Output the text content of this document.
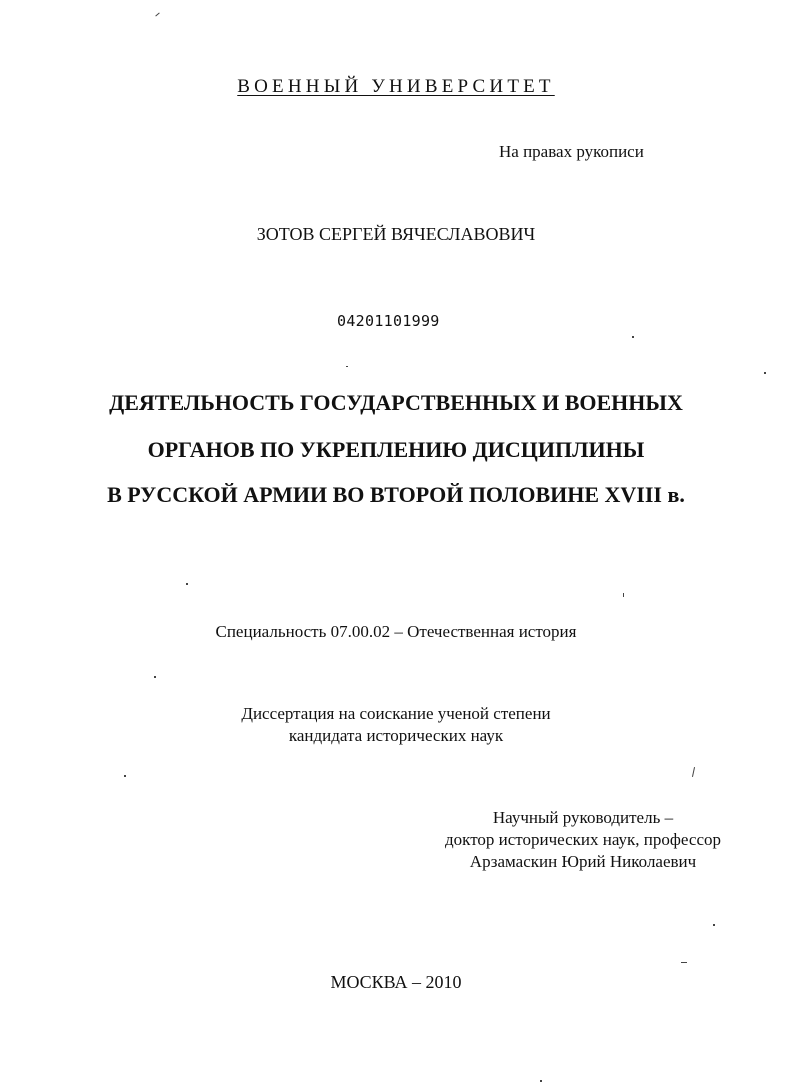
ВОЕННЫЙ УНИВЕРСИТЕТ
На правах рукописи
ЗОТОВ СЕРГЕЙ ВЯЧЕСЛАВОВИЧ
04201101999
ДЕЯТЕЛЬНОСТЬ ГОСУДАРСТВЕННЫХ И ВОЕННЫХ
ОРГАНОВ ПО УКРЕПЛЕНИЮ ДИСЦИПЛИНЫ
В РУССКОЙ АРМИИ ВО ВТОРОЙ ПОЛОВИНЕ XVIII в.
Специальность 07.00.02 – Отечественная история
Диссертация на соискание ученой степени
кандидата исторических наук
Научный руководитель –
доктор исторических наук, профессор
Арзамаскин Юрий Николаевич
МОСКВА – 2010
